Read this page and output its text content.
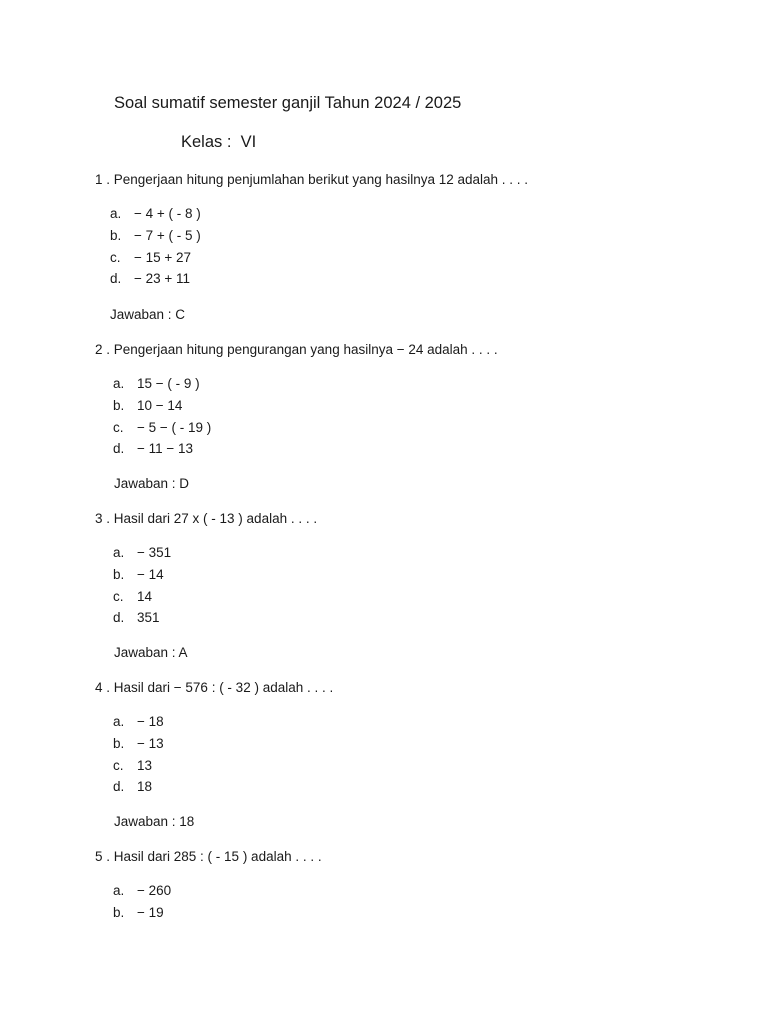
Soal sumatif semester ganjil Tahun 2024 / 2025
Kelas :  VI
1 . Pengerjaan hitung penjumlahan berikut yang hasilnya 12 adalah . . . .
a. − 4 + ( - 8 )
b. − 7 + ( - 5 )
c. − 15 + 27
d. − 23 + 11
Jawaban : C
2 . Pengerjaan hitung pengurangan yang hasilnya − 24 adalah . . . .
a. 15 − ( - 9 )
b. 10 − 14
c. − 5 − ( - 19 )
d. − 11 − 13
Jawaban : D
3 . Hasil dari 27 x ( - 13 ) adalah . . . .
a. − 351
b. − 14
c. 14
d. 351
Jawaban : A
4 . Hasil dari − 576 : ( - 32 ) adalah . . . .
a. − 18
b. − 13
c. 13
d. 18
Jawaban : 18
5 . Hasil dari 285 : ( - 15 ) adalah . . . .
a. − 260
b. − 19
